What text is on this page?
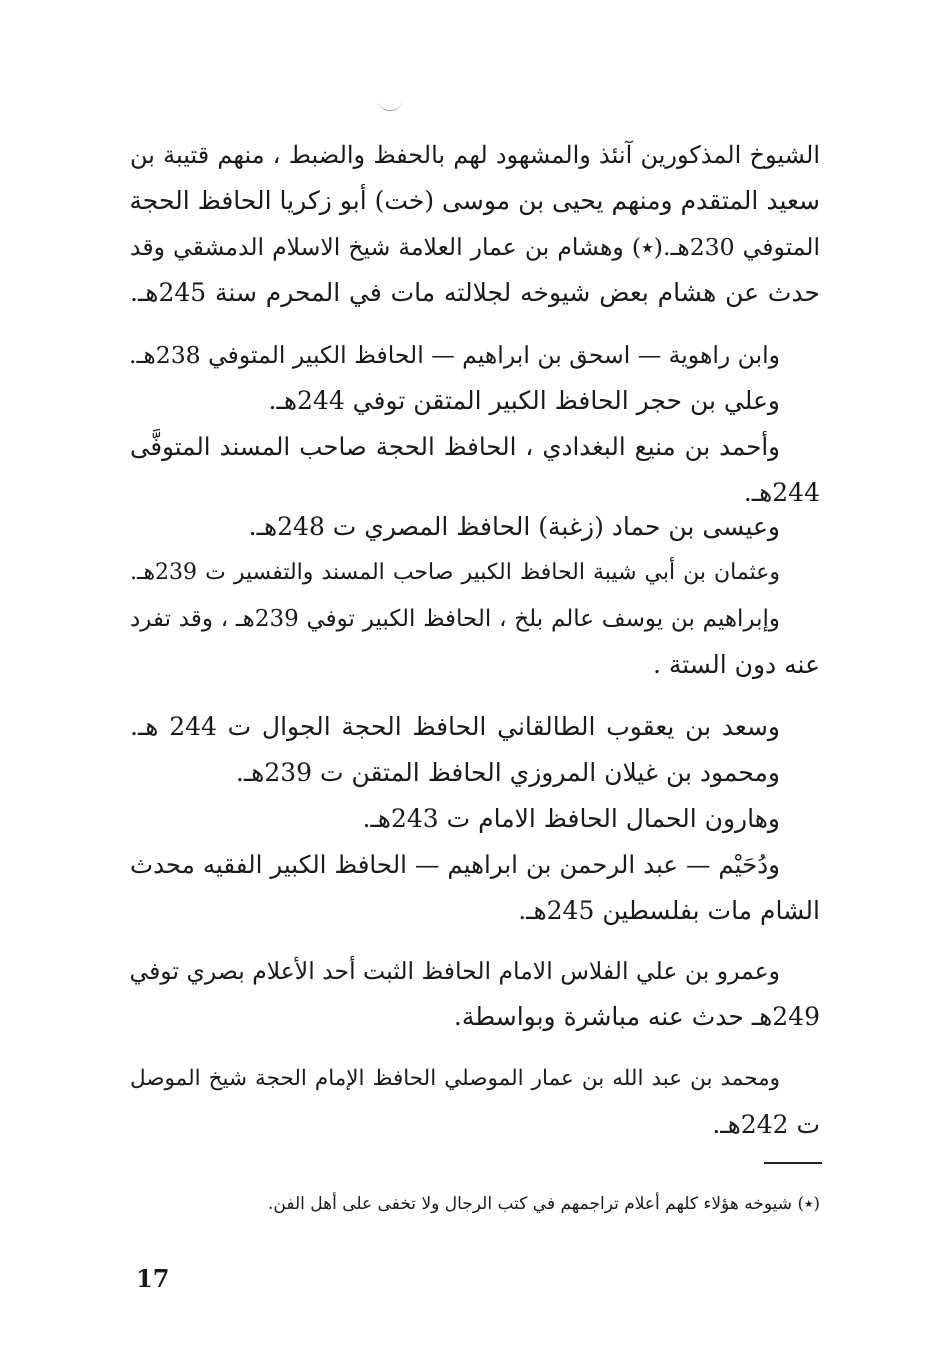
الشيوخ المذكورين آنئذ والمشهود لهم بالحفظ والضبط ، منهم قتيبة بن
سعيد المتقدم ومنهم يحيى بن موسى (خت) أبو زكريا الحافظ الحجة
المتوفي 230هـ.(٭) وهشام بن عمار العلامة شيخ الاسلام الدمشقي وقد
حدث عن هشام بعض شيوخه لجلالته مات في المحرم سنة 245هـ.
وابن راهوية — اسحق بن ابراهيم — الحافظ الكبير المتوفي 238هـ.
وعلي بن حجر الحافظ الكبير المتقن توفي 244هـ.
وأحمد بن منيع البغدادي ، الحافظ الحجة صاحب المسند المتوفَّى
244هـ.
وعيسى بن حماد (زغبة) الحافظ المصري ت 248هـ.
وعثمان بن أبي شيبة الحافظ الكبير صاحب المسند والتفسير ت 239هـ.
وإبراهيم بن يوسف عالم بلخ ، الحافظ الكبير توفي 239هـ ، وقد تفرد
عنه دون الستة .
وسعد بن يعقوب الطالقاني الحافظ الحجة الجوال ت 244 هـ.
ومحمود بن غيلان المروزي الحافظ المتقن ت 239هـ.
وهارون الحمال الحافظ الامام ت 243هـ.
ودُحَيْم — عبد الرحمن بن ابراهيم — الحافظ الكبير الفقيه محدث
الشام مات بفلسطين 245هـ.
وعمرو بن علي الفلاس الامام الحافظ الثبت أحد الأعلام بصري توفي
249هـ حدث عنه مباشرة وبواسطة.
ومحمد بن عبد الله بن عمار الموصلي الحافظ الإمام الحجة شيخ الموصل
ت 242هـ.
(٭) شيوخه هؤلاء كلهم أعلام تراجمهم في كتب الرجال ولا تخفى على أهل الفن.
17
